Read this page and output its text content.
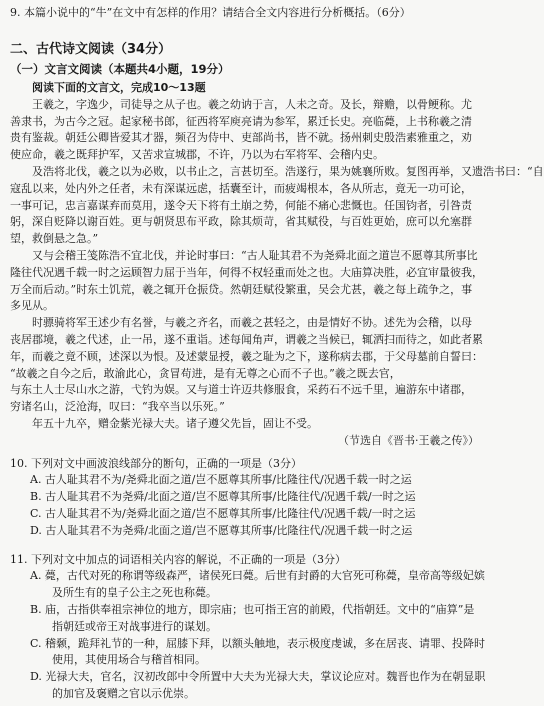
9. 本篇小说中的“牛”在文中有怎样的作用？请结合全文内容进行分析概括。（6分）
二、古代诗文阅读（34分）
（一）文言文阅读（本题共4小题，19分）
阅读下面的文言文，完成10～13题
王羲之，字逸少，司徒导之从子也。羲之幼讷于言，人未之奇。及长，辩赡，以骨鲠称。尤
善隶书，为古今之冠。起家秘书郎，征西将军庾亮请为参军，累迁长史。亮临薨，上书称羲之清
贵有鉴裁。朝廷公卿皆爱其才器，频召为侍中、吏部尚书，皆不就。扬州刺史殷浩素雅重之，劝
使应命，羲之既拜护军，又苦求宣城郡，不许，乃以为右军将军、会稽内史。
及浩将北伐，羲之以为必败，以书止之，言甚切至。浩遂行，果为姚襄所败。复图再举，又遗浩书曰：“自
寇乱以来，处内外之任者，未有深谋远虑，括囊至计，而疲竭根本，各从所志，竟无一功可论，
一事可记，忠言嘉谋弃而莫用，遂令天下将有土崩之势，何能不痛心悲慨也。任国钧者，引咎责
躬，深自贬降以谢百姓。更与朝贤思布平政，除其烦苛，省其赋役，与百姓更始，庶可以允塞群
望，救倒悬之急。”
又与会稽王笺陈浩不宜北伐，并论时事曰：“古人耻其君不为尧舜北面之道岂不愿尊其所事比
隆往代况遇千载一时之运顾智力屈于当年，何得不权轻重而处之也。大庙算决胜，必宜审量彼我，
万全而后动。”时东土饥荒，羲之辄开仓振贷。然朝廷赋役繁重，吴会尤甚，羲之每上疏争之，事
多见从。
时骠骑将军王述少有名誉，与羲之齐名，而羲之甚轻之，由是情好不协。述先为会稽，以母
丧居郡境，羲之代述，止一吊，遂不重诣。述每闻角声，谓羲之当候已，辄洒扫而待之，如此者累
年，而羲之竟不顾，述深以为恨。及述蒙显授，羲之耻为之下，遂称病去郡，于父母墓前自誓曰：
“故羲之自今之后，敢渝此心，贪冒苟进，是有无尊之心而不子也。”羲之既去官，
与东土人士尽山水之游，弋钓为娱。又与道士许迈共修服食，采药石不远千里，遍游东中诸郡，
穷诸名山，泛沧海，叹曰：“我卒当以乐死。”
年五十九卒，赠金紫光禄大夫。诸子遵父先旨，固让不受。
（节选自《晋书·王羲之传》）
10. 下列对文中画波浪线部分的断句，正确的一项是（3分）
A. 古人耻其君不为/尧舜北面之道/岂不愿尊其所事/比隆往代/况遇千载一时之运
B. 古人耻其君不为尧舜/北面之道/岂不愿尊其所事/比隆往代/况遇千载/一时之运
C. 古人耻其君不为/尧舜北面之道/岂不愿尊其所事/比隆往代/况遇千载/一时之运
D. 古人耻其君不为尧舜/北面之道/岂不愿尊其所事/比隆往代/况遇千载一时之运
11. 下列对文中加点的词语相关内容的解说，不正确的一项是（3分）
A. 薨，古代对死的称谓等级森严，诸侯死曰薨。后世有封爵的大官死可称薨，皇帝高等级妃嫔
及所生有的皇子公主之死也称薨。
B. 庙，古指供奉祖宗神位的地方，即宗庙；也可指王宫的前殿，代指朝廷。文中的“庙算”是
指朝廷或帝王对战事进行的谋划。
C. 稽颡，跪拜礼节的一种，屈膝下拜，以额头触地，表示极度虔诚，多在居丧、请罪、投降时
使用，其使用场合与稽首相同。
D. 光禄大夫，官名，汉初改郎中令所置中大夫为光禄大夫，掌议论应对。魏晋也作为在朝显职
的加官及褒赠之官以示优崇。
